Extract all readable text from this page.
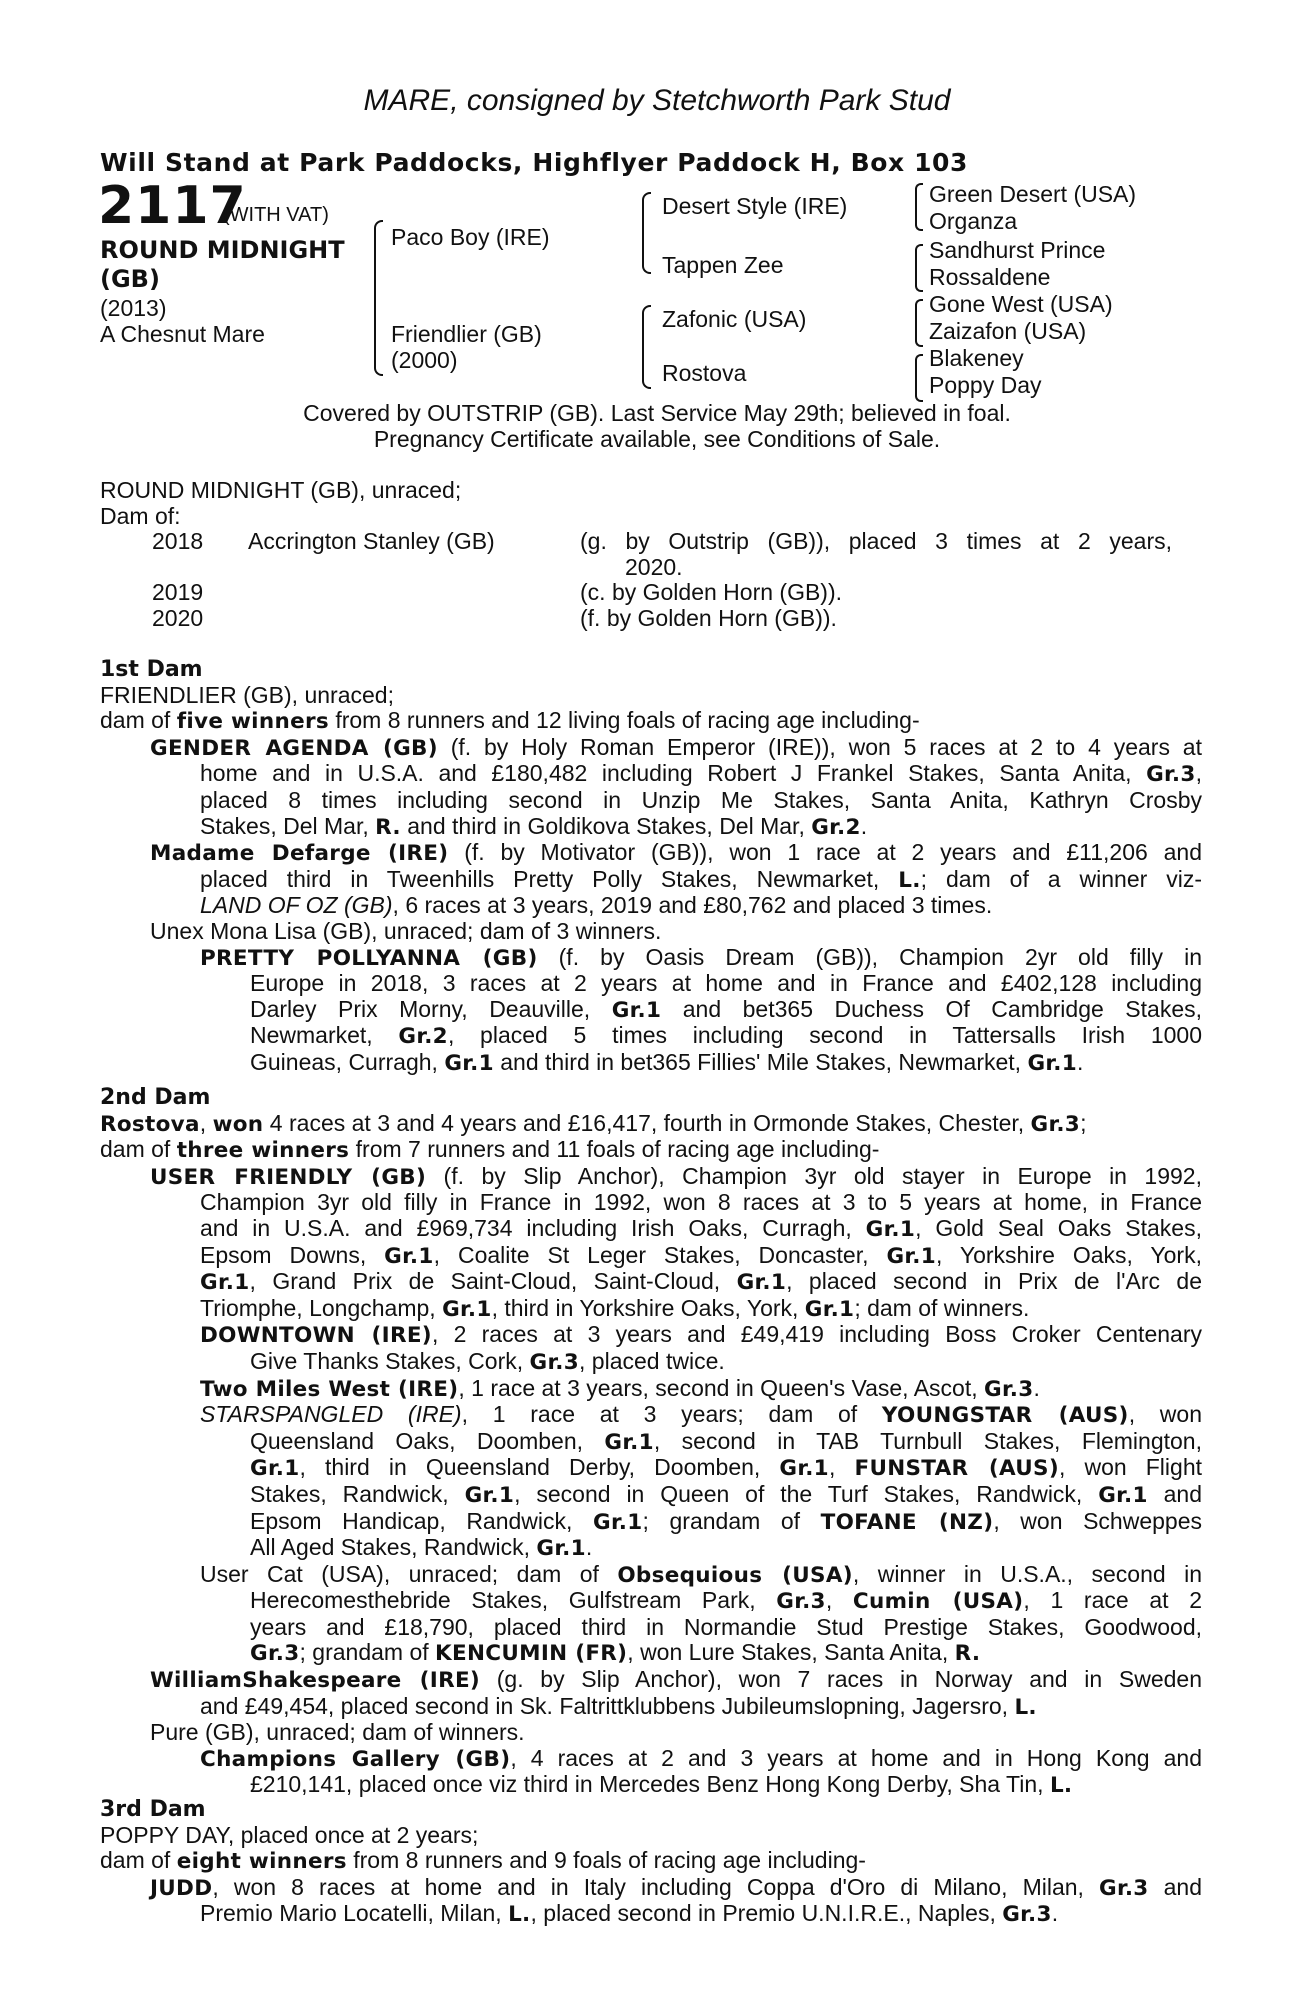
MARE, consigned by Stetchworth Park Stud
Will Stand at Park Paddocks, Highflyer Paddock H, Box 103
2117
(WITH VAT)
ROUND MIDNIGHT
(GB)
(2013)
A Chesnut Mare
Paco Boy (IRE)
Friendlier (GB)
(2000)
Desert Style (IRE)
Tappen Zee
Zafonic (USA)
Rostova
Green Desert (USA)
Organza
Sandhurst Prince
Rossaldene
Gone West (USA)
Zaizafon (USA)
Blakeney
Poppy Day
Covered by OUTSTRIP (GB). Last Service May 29th; believed in foal.
Pregnancy Certificate available, see Conditions of Sale.
ROUND MIDNIGHT (GB), unraced;
Dam of:
2018	Accrington Stanley (GB)	(g. by Outstrip (GB)), placed 3 times at 2 years,
2020.

2019		(c. by Golden Horn (GB)).
2020		(f. by Golden Horn (GB)).
1st Dam
FRIENDLIER (GB), unraced;
dam of five winners from 8 runners and 12 living foals of racing age including-
GENDER AGENDA (GB) (f. by Holy Roman Emperor (IRE)), won 5 races at 2 to 4 years at
home and in U.S.A. and £180,482 including Robert J Frankel Stakes, Santa Anita, Gr.3,
placed 8 times including second in Unzip Me Stakes, Santa Anita, Kathryn Crosby
Stakes, Del Mar, R. and third in Goldikova Stakes, Del Mar, Gr.2.
Madame Defarge (IRE) (f. by Motivator (GB)), won 1 race at 2 years and £11,206 and
placed third in Tweenhills Pretty Polly Stakes, Newmarket, L.; dam of a winner viz-
LAND OF OZ (GB), 6 races at 3 years, 2019 and £80,762 and placed 3 times.
Unex Mona Lisa (GB), unraced; dam of 3 winners.
PRETTY POLLYANNA (GB) (f. by Oasis Dream (GB)), Champion 2yr old filly in
Europe in 2018, 3 races at 2 years at home and in France and £402,128 including
Darley Prix Morny, Deauville, Gr.1 and bet365 Duchess Of Cambridge Stakes,
Newmarket, Gr.2, placed 5 times including second in Tattersalls Irish 1000
Guineas, Curragh, Gr.1 and third in bet365 Fillies' Mile Stakes, Newmarket, Gr.1.
2nd Dam
Rostova, won 4 races at 3 and 4 years and £16,417, fourth in Ormonde Stakes, Chester, Gr.3;
dam of three winners from 7 runners and 11 foals of racing age including-
USER FRIENDLY (GB) (f. by Slip Anchor), Champion 3yr old stayer in Europe in 1992,
Champion 3yr old filly in France in 1992, won 8 races at 3 to 5 years at home, in France
and in U.S.A. and £969,734 including Irish Oaks, Curragh, Gr.1, Gold Seal Oaks Stakes,
Epsom Downs, Gr.1, Coalite St Leger Stakes, Doncaster, Gr.1, Yorkshire Oaks, York,
Gr.1, Grand Prix de Saint-Cloud, Saint-Cloud, Gr.1, placed second in Prix de l'Arc de
Triomphe, Longchamp, Gr.1, third in Yorkshire Oaks, York, Gr.1; dam of winners.
DOWNTOWN (IRE), 2 races at 3 years and £49,419 including Boss Croker Centenary
Give Thanks Stakes, Cork, Gr.3, placed twice.
Two Miles West (IRE), 1 race at 3 years, second in Queen's Vase, Ascot, Gr.3.
STARSPANGLED (IRE), 1 race at 3 years; dam of YOUNGSTAR (AUS), won
Queensland Oaks, Doomben, Gr.1, second in TAB Turnbull Stakes, Flemington,
Gr.1, third in Queensland Derby, Doomben, Gr.1, FUNSTAR (AUS), won Flight
Stakes, Randwick, Gr.1, second in Queen of the Turf Stakes, Randwick, Gr.1 and
Epsom Handicap, Randwick, Gr.1; grandam of TOFANE (NZ), won Schweppes
All Aged Stakes, Randwick, Gr.1.
User Cat (USA), unraced; dam of Obsequious (USA), winner in U.S.A., second in
Herecomesthebride Stakes, Gulfstream Park, Gr.3, Cumin (USA), 1 race at 2
years and £18,790, placed third in Normandie Stud Prestige Stakes, Goodwood,
Gr.3; grandam of KENCUMIN (FR), won Lure Stakes, Santa Anita, R.
WilliamShakespeare (IRE) (g. by Slip Anchor), won 7 races in Norway and in Sweden
and £49,454, placed second in Sk. Faltrittklubbens Jubileumslopning, Jagersro, L.
Pure (GB), unraced; dam of winners.
Champions Gallery (GB), 4 races at 2 and 3 years at home and in Hong Kong and
£210,141, placed once viz third in Mercedes Benz Hong Kong Derby, Sha Tin, L.
3rd Dam
POPPY DAY, placed once at 2 years;
dam of eight winners from 8 runners and 9 foals of racing age including-
JUDD, won 8 races at home and in Italy including Coppa d'Oro di Milano, Milan, Gr.3 and
Premio Mario Locatelli, Milan, L., placed second in Premio U.N.I.R.E., Naples, Gr.3.
